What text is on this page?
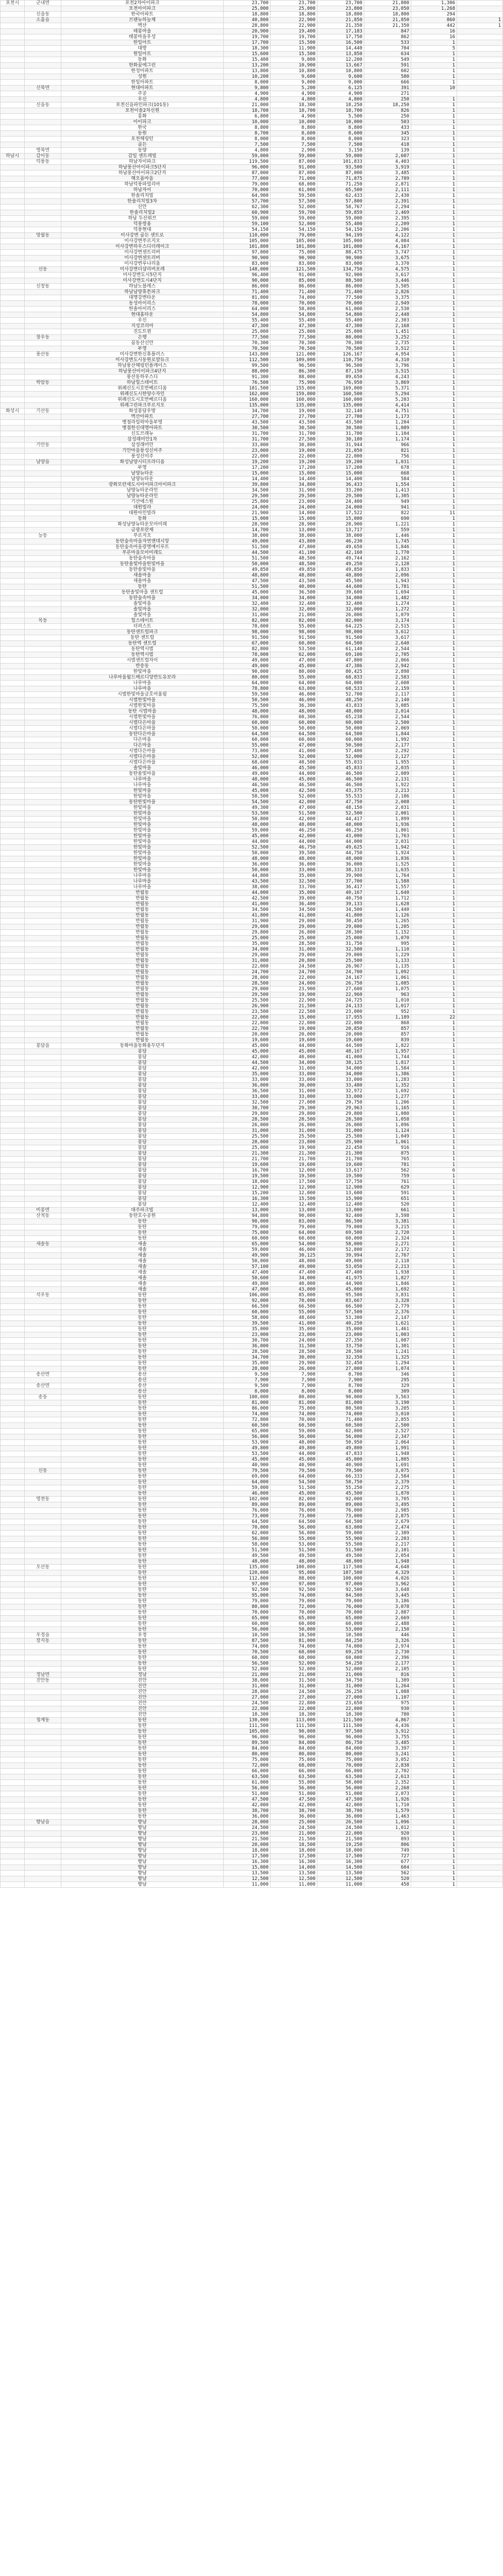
포천시	군내면	포천2차아이파크	23,700	23,700	23,700	21,800	1,306	
		포천아이파크	25,000	25,000	23,800	23,050	1,268	
	신읍동	한국아파트	18,800	18,800	18,800	18,800	294	
	소흘읍	브랜뉴하늘채	40,800	22,900	21,850	21,850	860	1
		벽산	28,800	22,900	21,350	21,350	442	1
		태봉마을	20,900	19,400	17,183	847	16	
		태봉마을우성	19,700	19,700	17,750	862	16	
		한일아트	17,700	15,500	16,500	533	1	
		대방	18,300	11,900	14,440	704	5	
		원일아트	15,600	15,500	13,850	634	1	
		동화	15,400	9,000	12,200	549	1	
		한화꿈에그린	13,200	10,900	13,667	591	1	
		한성아파트	13,800	10,800	10,800	602	1	
		성원	10,200	9,600	9,600	580	1	
		한일아파트	8,000	9,000	9,000	666	1	
	신북면	현대아파트	9,800	5,200	6,125	391	10	
		주공	4,900	4,900	4,900	271		
		우신	4,800	4,800	4,800	250	1	
	신읍동	포천신읍파인파크(101동)	21,000	18,300	18,250	18,250	1	
		포천이솔2차신원	18,700	18,700	18,700	826	1	
		흥화	6,800	4,900	5,500	250	1	
		아이파크	10,000	10,000	10,000	503	1	
		한국	8,800	8,800	8,800	433	1	
		동원	8,700	8,600	8,600	345	1	
		포천해링턴	8,000	8,000	8,000	323	1	
		골든	7,500	7,500	7,500	418	1	
	영북면	동양	4,800	2,900	3,150	139	1	
하남시	감이동	감일 센트레빌	59,000	59,000	59,000	2,607	1	
	덕풍동	하남자이파크	119,500	87,000	101,833	4,403	1	
		하남풍산아이파크5단지	96,000	91,000	93,500	3,919	1	
		하남풍산아이파크2단지	87,000	87,000	87,000	3,485	1	
		해오름마을	77,000	71,000	71,875	2,789	1	
		하남덕풍파밀리아	79,000	68,000	71,250	2,871	1	
		하남자이	70,000	61,000	65,500	2,111	1	
		한솔리치빌	64,900	59,500	62,433	2,430	1	
		한솔리치빌3차	57,700	57,500	57,800	2,391	1	
		신안	62,300	52,000	58,767	2,294	1	
		한솔리치빌2	60,900	59,700	59,859	2,469	1	
		하남 두산위브	59,000	59,000	59,000	2,395	1	
		덕풍쌍용	59,100	52,000	55,400	2,209	1	
		덕풍현대	54,150	54,150	54,150	2,206	1	
	망월동	미사강변 골든 센트로	110,000	79,000	94,199	4,122	1	
		미사강변푸르지오	105,000	105,000	105,000	4,084	1	
		미사강변하우스디더레이크	101,800	101,800	101,800	4,167	1	
		미사강변센트리버	97,000	75,000	88,475	3,747	1	
		미사강변센트리버	90,900	90,900	90,900	3,675	1	
		미사강변루나리움	83,000	83,000	83,000	3,370	1	
	선동	미사강변더샵리버포레	148,000	121,500	134,750	4,575	1	
		미사강변도시5단지	96,400	91,000	92,900	3,617	1	
		미사강변도시4단지	90,000	85,000	88,500	3,446	1	
	신장동	하남노블레스	86,000	86,000	86,000	3,505	1	
		하남남양휴튼파크	71,400	71,400	71,400	2,826	1	
		대명강변타운	81,000	74,000	77,500	3,375	1	
		동성아이리스	78,000	70,000	70,000	2,949	1	
		한솔아이리스	64,000	58,000	61,000	2,530	1	
		현대홈타운	54,800	54,800	54,800	2,448	1	
		우신	55,400	55,400	55,400	2,303	1	
		지성코리아	47,300	47,300	47,300	2,168	1	
		진도트윈	25,000	25,000	25,000	1,451	1	
	창우동	은행	77,500	77,500	80,000	3,252	1	
		꿈동산신안	70,300	70,300	70,300	2,735	1	
		부영	70,500	70,500	70,500	3,512	1	
	풍산동	미사강변한신휴플러스	143,800	121,000	126,167	4,954	1	
		미사강변도시동원로얄듀크	112,500	109,000	110,750	4,310	1	
		하남풍산해링턴플레이스	99,500	96,500	96,500	3,796	1	
		하남풍산아이파크4단지	88,000	86,300	87,150	3,515	1	
		풍산동하우스디	91,300	88,000	89,650	4,243	1	
	학암동	하남힐스테이트	76,500	75,900	76,950	3,869	1	
		위례신도시호반베르디움	181,500	155,000	169,000	5,371	1	
		위례신도시한양수자인	162,000	159,000	160,500	5,294	1	
		위례신도시호반베르디움	160,000	160,000	160,000	5,203	1	
		위례그린파크푸르지오	135,000	135,000	135,000	4,414	1	
화성시	기산동	화성봉담우방	34,700	19,000	32,140	4,751	1	
		벽산아파트	27,700	27,700	27,700	1,173	1	
		병점라일락마을부영	43,500	43,500	43,500	1,204	1	
		병점한신대명아파트	30,500	30,500	30,500	1,089	1	
		신도브래뉴	31,700	31,700	31,700	1,104	1	
		삼성래미안1차	31,700	27,500	30,180	1,174	1	
	기안동	삼성래미안	33,000	30,800	31,944	966	1	
		기안마을풍성신미주	23,000	19,000	21,050	821	1	
		풍성신미주	22,000	22,000	22,000	756	1	
	남양읍	화성남양시티프라디움	19,200	19,200	19,200	1,031	1	
		부영	17,200	17,200	17,200	678	1	
		남양뉴타운	15,000	15,000	15,000	668	1	
		남양뉴타운	14,400	14,400	14,400	584	1	
		광화모란새도시아이파크아이파크	39,800	34,800	36,433	1,554	1	
		남양뉴타운라인	34,500	31,900	33,200	1,413	1	
		남양뉴타운라인	29,500	29,500	29,500	1,305	1	
		기산에스원	25,800	23,000	24,400	949	1	
		대원빌라	24,000	24,000	24,000	941	1	
		대원아인빌라	21,900	14,000	17,522	822	11	
		동화	15,000	15,000	15,000	690	1	
		화성남양뉴타운모아미래	28,900	28,900	28,900	1,221	1	
		금광포란재	14,700	13,000	13,717	559	1	
	능동	푸르지오	38,000	38,000	38,000	1,446	1	
		동탄숲속마을자연앤데시앙	49,000	43,800	46,230	1,745	1	
		동탄숲속마을광명메이루트	51,500	47,800	49,650	1,846	1	
		푸른마을모아미래도	44,500	41,100	42,160	1,770	1	
		동탄숲속마을	51,500	48,500	49,744	2,162	1	
		동탄솔빛마을한빛마을	50,000	48,500	49,250	2,128	1	
		동탄솔빛마을	49,850	49,850	49,850	1,833	1	
		새솔마을	48,800	48,800	48,800	2,096	1	
		새솔마을	47,500	43,500	45,500	1,943	1	
		동탄	51,500	40,000	44,600	1,781	1	
		동탄솔빛마을 센트럴	45,000	36,500	39,600	1,694	1	
		동탄숲속마을	34,000	34,000	34,000	1,482	1	
		솔빛마을	32,400	32,400	32,400	1,274	1	
		솔빛마을	32,000	32,000	32,000	1,272	1	
		솔빛마을	31,000	21,000	26,000	1,079	1	
	목동	힐스테이트	82,000	82,000	82,000	3,174	1	
		더퍼스트	78,000	55,000	64,225	2,515	1	
		동탄센트럴파크	98,000	98,000	98,000	3,612	1	
		동탄 센트럴	91,500	91,500	91,500	3,617	1	
		동탄역 센트럴	67,000	60,000	64,500	2,640	1	
		동탄역시범	82,800	53,500	61,140	2,544	1	
		동탄역시범	78,000	62,000	69,100	2,705	1	
		시범센트럴자이	49,000	47,000	47,800	2,066	1	
		반송동	49,000	45,000	47,386	2,942	1	
		한빛마을	90,000	80,000	80,425	2,898	1	
		나루마을월드메르디앙반도유보라	80,000	55,000	68,833	2,583	1	
		나루마을	64,000	64,000	64,000	2,608	1	
		나루마을	78,800	63,000	68,533	2,159	1	
		시범한빛마을금호어울림	59,500	46,000	52,700	2,117	1	
		시범한빛마을	50,500	46,000	48,250	2,140	1	
		시범한빛마을	75,500	36,300	43,833	3,085	1	
		동탄 시범마을	48,000	48,000	48,000	2,014	1	
		시범한빛마을	76,000	60,300	65,238	2,544	1	
		시범다은마을	60,000	60,000	60,000	2,500	1	
		시범다은마을	50,000	50,000	50,000	2,069	1	
		동탄다은마을	64,500	64,500	64,500	1,844	1	
		다은마을	60,000	60,000	60,000	1,992	1	
		다은마을	55,000	47,000	50,500	2,177	1	
		시범다은마을	73,000	41,000	57,400	2,292	1	
		시범다은마을	52,000	52,000	52,000	2,127	1	
		시범다은마을	68,600	48,500	55,033	1,955	1	
		솔빛마을	46,000	45,500	45,833	2,035	1	
		동탄솔빛마을	49,000	44,000	46,500	2,089	1	
		나루마을	48,000	45,000	46,500	2,131	1	
		나루마을	46,500	46,500	46,500	1,922	1	
		한빛마을	45,000	42,500	43,375	2,213	1	
		한빛마을	58,500	52,000	55,533	2,186	1	
		동탄한빛마을	54,500	42,000	47,750	2,008	1	
		한빛마을	49,300	47,000	48,150	2,031	1	
		한빛마을	53,500	51,500	52,500	2,001	1	
		한빛마을	50,800	42,000	44,417	1,899	1	
		한빛마을	48,000	48,000	48,000	1,936	1	
		한빛마을	59,000	46,250	46,250	1,801	1	
		한빛마을	45,000	42,000	43,000	1,763	1	
		한빛마을	44,000	44,000	44,000	2,031	1	
		한빛마을	52,500	46,750	49,625	1,942	1	
		한빛마을	50,000	39,500	44,750	1,924	1	
		한빛마을	48,000	48,000	48,000	1,836	1	
		한빛마을	36,000	36,000	36,000	1,525	1	
		한빛마을	50,000	33,000	38,333	1,635	1	
		나루마을	44,800	35,000	39,900	1,764	1	
		나루마을	43,500	32,500	37,700	1,588	1	
		나루마을	38,000	33,700	36,417	1,557	1	
		반월동	44,000	35,000	40,167	1,640	1	
		반월동	42,500	39,000	40,750	1,712	1	
		반월동	41,000	36,400	39,133	1,628	1	
		반월동	34,500	34,500	34,500	1,440	1	
		반월동	41,800	41,800	41,800	1,126	1	
		반월동	31,900	29,000	30,450	1,265	1	
		반월동	29,000	29,000	29,000	1,205	1	
		반월동	29,800	26,800	28,300	1,152	1	
		반월동	25,000	25,000	25,000	1,070	1	
		반월동	35,000	28,500	31,750	995	1	
		반월동	34,000	31,000	32,500	1,110	1	
		반월동	29,000	29,000	29,000	1,229	1	
		반월동	31,000	20,800	25,500	1,133	1	
		반월동	22,000	24,500	26,967	1,135	1	
		반월동	24,700	24,700	24,700	1,092	1	
		반월동	28,000	22,000	24,167	1,061	1	
		반월동	28,500	24,000	26,750	1,085	1	
		반월동	29,000	23,900	27,600	1,075	1	
		반월동	29,500	19,900	22,960	963	1	
		반월동	25,500	22,900	24,725	1,010	1	
		반월동	26,900	21,500	24,133	1,017	1	
		반월동	23,500	22,500	23,000	952	1	
		반월동	22,000	15,000	17,955	1,189	22	
		반월동	22,000	22,000	22,000	868	1	
		반월동	22,700	19,000	20,850	857	1	
		반월동	20,000	20,000	20,000	857	1	
		반월동	19,600	19,600	19,600	839	1	
	봉담읍	동화마을동화용두단지	45,000	44,000	44,500	1,822	1	
		봉담	45,000	45,000	48,167	1,957	1	
		봉담	42,000	40,000	41,000	1,744	1	
		봉담	44,500	34,000	38,125	1,817	1	
		봉담	42,000	31,000	34,000	1,584	1	
		봉담	35,000	33,000	34,000	1,386	1	
		봉담	33,000	33,000	33,000	1,283	1	
		봉담	36,000	30,000	33,480	1,352	1	
		봉담	36,500	31,000	32,972	1,692	1	
		봉담	33,000	33,000	33,000	1,277	1	
		봉담	32,500	27,000	29,750	1,206	1	
		봉담	30,700	29,300	29,963	1,165	1	
		봉담	29,800	29,800	29,800	1,080	1	
		봉담	28,500	28,500	28,500	1,058	1	
		봉담	26,000	26,000	26,000	1,096	1	
		봉담	31,000	31,000	31,000	1,124	1	
		봉담	25,500	25,500	25,500	1,049	1	
		봉담	28,000	23,800	25,900	1,061	1	
		봉담	25,000	19,900	22,450	916	1	
		봉담	21,300	21,300	21,300	875	1	
		봉담	21,700	21,700	21,700	765	1	
		봉담	19,600	19,600	19,600	781	1	
		봉담	16,700	12,000	13,617	562	6	
		봉담	19,500	19,500	19,500	759	1	
		봉담	18,000	17,500	17,750	761	1	
		봉담	12,900	12,900	12,900	629	1	
		봉담	15,200	12,000	13,600	591	1	
		봉담	16,300	15,500	15,900	651	1	
		봉담	12,400	12,400	12,400	520	1	
	비봉면	대주파크빌	13,000	13,000	13,000	661	1	
	산척동	동탄호수공원	94,800	90,000	92,400	3,598	1	
		동탄	90,000	83,000	86,500	3,381	1	
		동탄	79,000	79,000	79,000	3,215	1	
		동탄	75,000	64,000	69,500	2,720	1	
		동탄	60,000	60,000	60,000	2,324	1	
	새솔동	새솔	65,000	54,000	58,000	2,271	1	
		새솔	59,000	46,000	52,800	2,172	1	
		새솔	49,900	30,125	39,994	2,767	1	
		새솔	50,000	48,000	49,000	2,118	1	
		새솔	57,100	49,000	53,050	2,213	1	
		새솔	47,400	47,400	47,400	1,938	1	
		새솔	50,600	34,000	41,975	1,827	1	
		새솔	49,800	40,000	44,900	1,846	1	
		새솔	47,000	43,000	45,000	1,692	1	
	석우동	동탄	106,000	85,000	95,500	3,831	1	
		동탄	92,000	78,000	83,667	3,328	1	
		동탄	66,500	66,500	66,500	2,779	1	
		동탄	60,000	55,000	57,500	2,376	1	
		동탄	58,000	48,600	53,300	2,147	1	
		동탄	39,500	41,000	40,250	1,621	1	
		동탄	35,000	35,000	35,000	1,461	1	
		동탄	23,000	23,000	23,000	1,003	1	
		동탄	30,700	24,000	27,350	1,087	1	
		동탄	36,000	31,500	33,750	1,301	1	
		동탄	28,500	28,500	28,500	1,241	1	
		동탄	34,700	30,000	32,350	1,325	1	
		동탄	35,000	29,900	32,450	1,294	1	
		동탄	28,000	26,000	27,000	1,074	1	
	송산면	송산	9,500	7,900	8,700	346	1	
		송산	7,900	7,900	7,900	295	1	
	송산면	송산	9,500	7,900	8,700	329	1	
		송산	8,000	8,000	8,000	309	1	
	송동	동탄	100,000	80,000	90,000	3,563	1	
		동탄	81,000	81,000	81,000	3,190	1	
		동탄	86,000	75,000	80,500	3,205	1	
		동탄	74,000	74,000	74,000	3,010	1	
		동탄	72,800	70,000	71,400	2,855	1	
		동탄	60,500	60,500	60,500	2,500	1	
		동탄	65,000	59,000	62,000	2,527	1	
		동탄	56,000	56,000	56,000	2,347	1	
		동탄	53,900	48,000	50,950	2,064	1	
		동탄	49,800	49,800	49,800	1,991	1	
		동탄	53,500	44,000	47,833	1,948	1	
		동탄	45,000	45,000	45,000	1,805	1	
		동탄	40,900	40,900	40,900	1,691	1	
	신동	동탄	79,500	79,500	79,500	3,075	1	
		동탄	69,000	64,000	66,333	2,584	1	
		동탄	64,000	54,500	58,750	2,379	1	
		동탄	59,000	51,500	55,250	2,275	1	
		동탄	46,000	45,000	45,500	1,870	1	
	영천동	동탄	102,000	82,000	92,000	3,705	1	
		동탄	89,000	89,000	89,000	3,495	1	
		동탄	76,000	76,000	76,000	2,985	1	
		동탄	73,000	73,000	73,000	2,875	1	
		동탄	64,500	64,500	64,500	2,679	1	
		동탄	70,000	56,000	63,000	2,474	1	
		동탄	62,000	56,000	59,000	2,389	1	
		동탄	56,800	55,000	55,900	2,203	1	
		동탄	58,000	53,000	55,500	2,217	1	
		동탄	51,500	51,500	51,500	2,101	1	
		동탄	49,500	49,500	49,500	2,054	1	
		동탄	48,000	48,000	48,000	1,948	1	
	오산동	동탄	135,000	100,000	117,500	4,648	1	
		동탄	120,000	95,000	107,500	4,329	1	
		동탄	112,000	88,000	100,000	4,026	1	
		동탄	97,000	97,000	97,000	3,962	1	
		동탄	92,500	92,500	92,500	3,648	1	
		동탄	95,000	74,000	84,500	3,445	1	
		동탄	79,000	79,000	79,000	3,186	1	
		동탄	80,000	72,000	76,000	3,078	1	
		동탄	70,000	70,000	70,000	2,887	1	
		동탄	65,000	65,000	65,000	2,669	1	
		동탄	60,000	60,000	60,000	2,488	1	
		동탄	56,000	50,000	53,000	2,150	1	
	우정읍	우정	10,500	10,500	10,500	446	1	
	장지동	동탄	87,500	81,000	84,250	3,326	1	
		동탄	74,000	74,000	74,000	2,974	1	
		동탄	70,500	68,000	69,250	2,730	1	
		동탄	60,000	60,000	60,000	2,396	1	
		동탄	56,500	52,000	54,250	2,177	1	
		동탄	52,000	52,000	52,000	2,105	1	
	정남면	정남	21,000	21,000	21,000	816	1	
	진안동	진안	38,000	31,500	34,750	1,389	1	
		진안	31,000	31,000	31,000	1,264	1	
		진안	28,000	24,500	26,250	1,088	1	
		진안	27,000	27,000	27,000	1,107	1	
		진안	24,500	22,800	23,650	975	1	
		진안	22,000	22,000	22,000	930	1	
		진안	18,300	18,300	18,300	780	1	
	청계동	동탄	130,000	113,000	121,500	4,867	1	
		동탄	111,500	111,500	111,500	4,436	1	
		동탄	105,000	90,000	97,500	3,912	1	
		동탄	96,000	96,000	96,000	3,755	1	
		동탄	89,500	84,000	86,750	3,485	1	
		동탄	84,000	84,000	84,000	3,397	1	
		동탄	80,000	80,000	80,000	3,241	1	
		동탄	75,000	75,000	75,000	3,052	1	
		동탄	72,000	68,000	70,000	2,838	1	
		동탄	66,000	66,000	66,000	2,702	1	
		동탄	63,500	63,500	63,500	2,613	1	
		동탄	61,000	55,000	58,000	2,352	1	
		동탄	56,000	56,000	56,000	2,268	1	
		동탄	51,000	51,000	51,000	2,073	1	
		동탄	47,500	47,500	47,500	1,926	1	
		동탄	42,000	42,000	42,000	1,710	1	
		동탄	38,700	38,700	38,700	1,579	1	
		동탄	36,000	36,000	36,000	1,463	1	
	향남읍	향남	28,000	25,000	26,500	1,096	1	
		향남	24,500	24,500	24,500	1,012	1	
		향남	23,000	21,000	22,000	920	1	
		향남	21,500	21,500	21,500	893	1	
		향남	20,000	18,500	19,250	806	1	
		향남	18,000	18,000	18,000	749	1	
		향남	17,500	17,500	17,500	727	1	
		향남	16,300	16,300	16,300	677	1	
		향남	15,000	14,000	14,500	604	1	
		향남	13,500	13,500	13,500	562	1	
		향남	12,500	12,500	12,500	520	1	
		향남	11,000	11,000	11,000	458	1	
